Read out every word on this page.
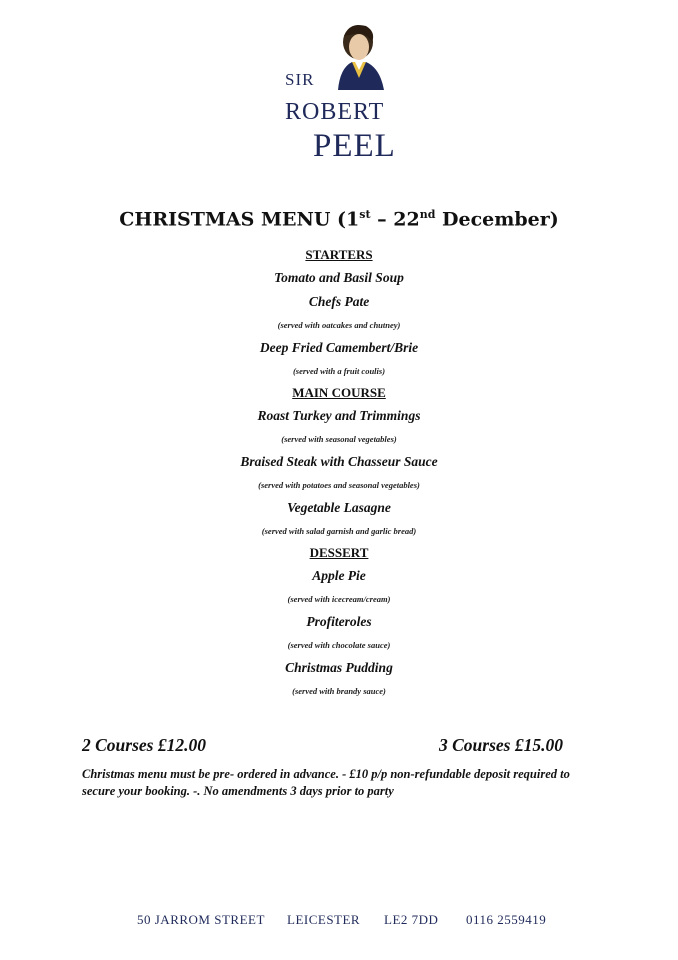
SIR
ROBERT
PEEL
CHRISTMAS MENU (1st – 22nd December)
STARTERS
Tomato and Basil Soup
Chefs Pate
(served with oatcakes and chutney)
Deep Fried Camembert/Brie
(served with a fruit coulis)
MAIN COURSE
Roast Turkey and Trimmings
(served with seasonal vegetables)
Braised Steak with Chasseur Sauce
(served with potatoes and seasonal vegetables)
Vegetable Lasagne
(served with salad garnish and garlic bread)
DESSERT
Apple Pie
(served with icecream/cream)
Profiteroles
(served with chocolate sauce)
Christmas Pudding
(served with brandy sauce)
2 Courses £12.00	3 Courses £15.00
Christmas menu must be pre- ordered in advance. - £10 p/p non-refundable deposit required to secure your booking. -. No amendments 3 days prior to party
50 JARROM STREET LEICESTER LE2 7DD 0116 2559419
